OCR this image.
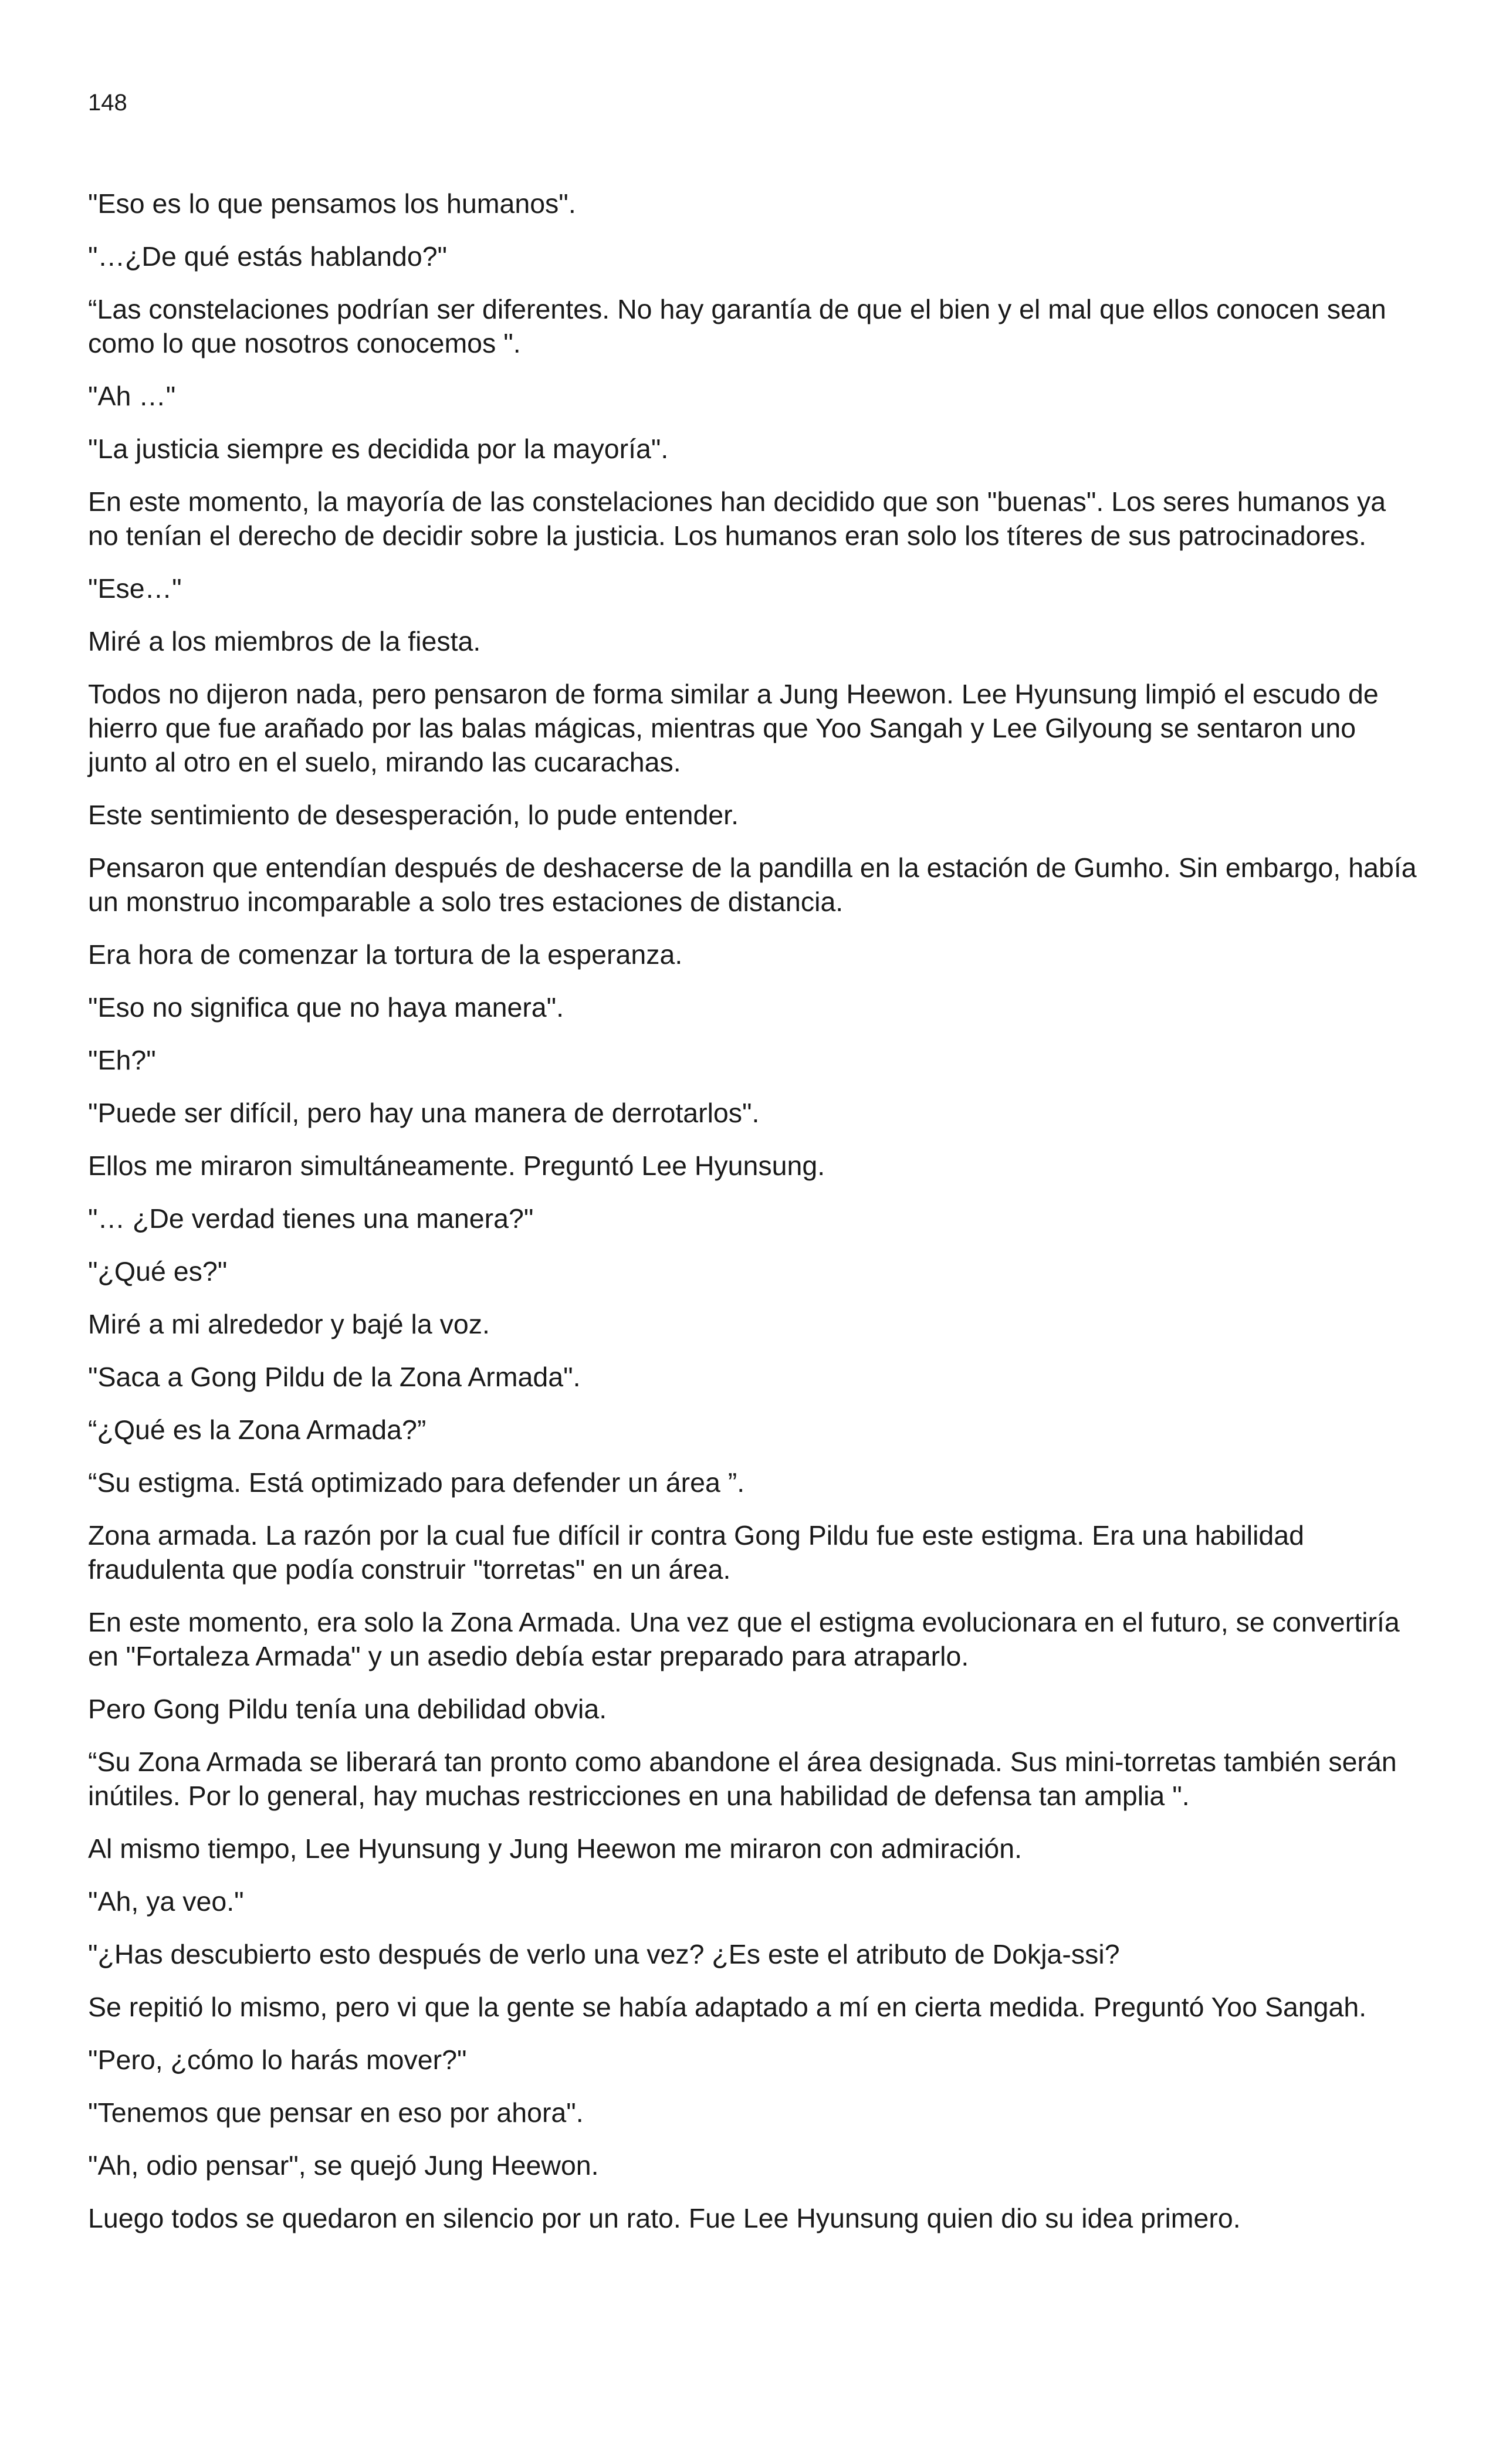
148

"Eso es lo que pensamos los humanos".

"…¿De qué estás hablando?"

“Las constelaciones podrían ser diferentes. No hay garantía de que el bien y el mal que ellos conocen sean como lo que nosotros conocemos ".

"Ah …"

"La justicia siempre es decidida por la mayoría".

En este momento, la mayoría de las constelaciones han decidido que son "buenas". Los seres humanos ya no tenían el derecho de decidir sobre la justicia. Los humanos eran solo los títeres de sus patrocinadores.

"Ese…"

Miré a los miembros de la fiesta.

Todos no dijeron nada, pero pensaron de forma similar a Jung Heewon. Lee Hyunsung limpió el escudo de hierro que fue arañado por las balas mágicas, mientras que Yoo Sangah y Lee Gilyoung se sentaron uno junto al otro en el suelo, mirando las cucarachas.

Este sentimiento de desesperación, lo pude entender.

Pensaron que entendían después de deshacerse de la pandilla en la estación de Gumho. Sin embargo, había un monstruo incomparable a solo tres estaciones de distancia.

Era hora de comenzar la tortura de la esperanza.

"Eso no significa que no haya manera".

"Eh?"

"Puede ser difícil, pero hay una manera de derrotarlos".

Ellos me miraron simultáneamente. Preguntó Lee Hyunsung.

"… ¿De verdad tienes una manera?"

"¿Qué es?"

Miré a mi alrededor y bajé la voz.

"Saca a Gong Pildu de la Zona Armada".

“¿Qué es la Zona Armada?”

“Su estigma. Está optimizado para defender un área ”.

Zona armada. La razón por la cual fue difícil ir contra Gong Pildu fue este estigma. Era una habilidad fraudulenta que podía construir "torretas" en un área.

En este momento, era solo la Zona Armada. Una vez que el estigma evolucionara en el futuro, se convertiría en "Fortaleza Armada" y un asedio debía estar preparado para atraparlo.

Pero Gong Pildu tenía una debilidad obvia.

“Su Zona Armada se liberará tan pronto como abandone el área designada. Sus mini-torretas también serán inútiles. Por lo general, hay muchas restricciones en una habilidad de defensa tan amplia ".

Al mismo tiempo, Lee Hyunsung y Jung Heewon me miraron con admiración.

"Ah, ya veo."

"¿Has descubierto esto después de verlo una vez? ¿Es este el atributo de Dokja-ssi?

Se repitió lo mismo, pero vi que la gente se había adaptado a mí en cierta medida. Preguntó Yoo Sangah.

"Pero, ¿cómo lo harás mover?"

"Tenemos que pensar en eso por ahora".

"Ah, odio pensar", se quejó Jung Heewon.

Luego todos se quedaron en silencio por un rato. Fue Lee Hyunsung quien dio su idea primero.
